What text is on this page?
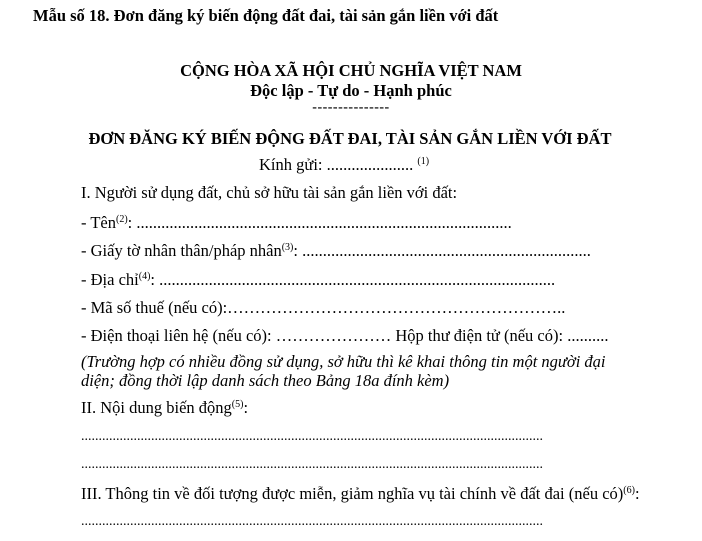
Mẫu số 18. Đơn đăng ký biến động đất đai, tài sản gắn liền với đất
CỘNG HÒA XÃ HỘI CHỦ NGHĨA VIỆT NAM
Độc lập - Tự do - Hạnh phúc
---------------
ĐƠN ĐĂNG KÝ BIẾN ĐỘNG ĐẤT ĐAI, TÀI SẢN GẮN LIỀN VỚI ĐẤT
Kính gửi: ..................... $^{(1)}$
I. Người sử dụng đất, chủ sở hữu tài sản gắn liền với đất:
- Tên$^{(2)}$: ...........................................................................................
- Giấy tờ nhân thân/pháp nhân$^{(3)}$: ......................................................................
- Địa chỉ$^{(4)}$: ................................................................................................
- Mã số thuế (nếu có):……………………………………………………..
- Điện thoại liên hệ (nếu có): ………………… Hộp thư điện tử (nếu có): ..........
(Trường hợp có nhiều đồng sử dụng, sở hữu thì kê khai thông tin một người đại
diện; đồng thời lập danh sách theo Bảng 18a đính kèm)
II. Nội dung biến động$^{(5)}$:
....................................................................................................................................
....................................................................................................................................
III. Thông tin về đối tượng được miễn, giảm nghĩa vụ tài chính về đất đai (nếu có)$^{(6)}$:
....................................................................................................................................
